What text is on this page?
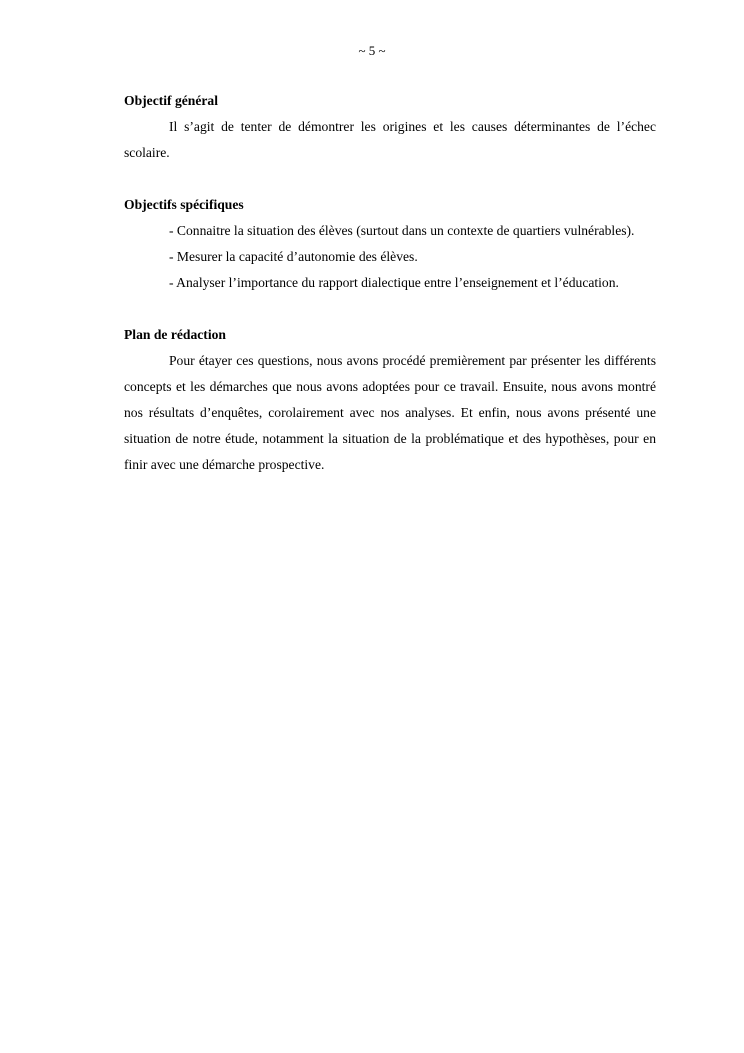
~ 5 ~

Objectif général

Il s’agit de tenter de démontrer les origines et les causes déterminantes de l’échec scolaire.

Objectifs spécifiques

- Connaitre la situation des élèves (surtout dans un contexte de quartiers vulnérables).

- Mesurer la capacité d’autonomie des élèves.

- Analyser l’importance du rapport dialectique entre l’enseignement et l’éducation.

Plan de rédaction

Pour étayer ces questions, nous avons procédé premièrement par présenter les différents concepts et les démarches que nous avons adoptées pour ce travail. Ensuite, nous avons montré nos résultats d’enquêtes, corolairement avec nos analyses. Et enfin, nous avons présenté une situation de notre étude, notamment la situation de la problématique et des hypothèses, pour en finir avec une démarche prospective.
